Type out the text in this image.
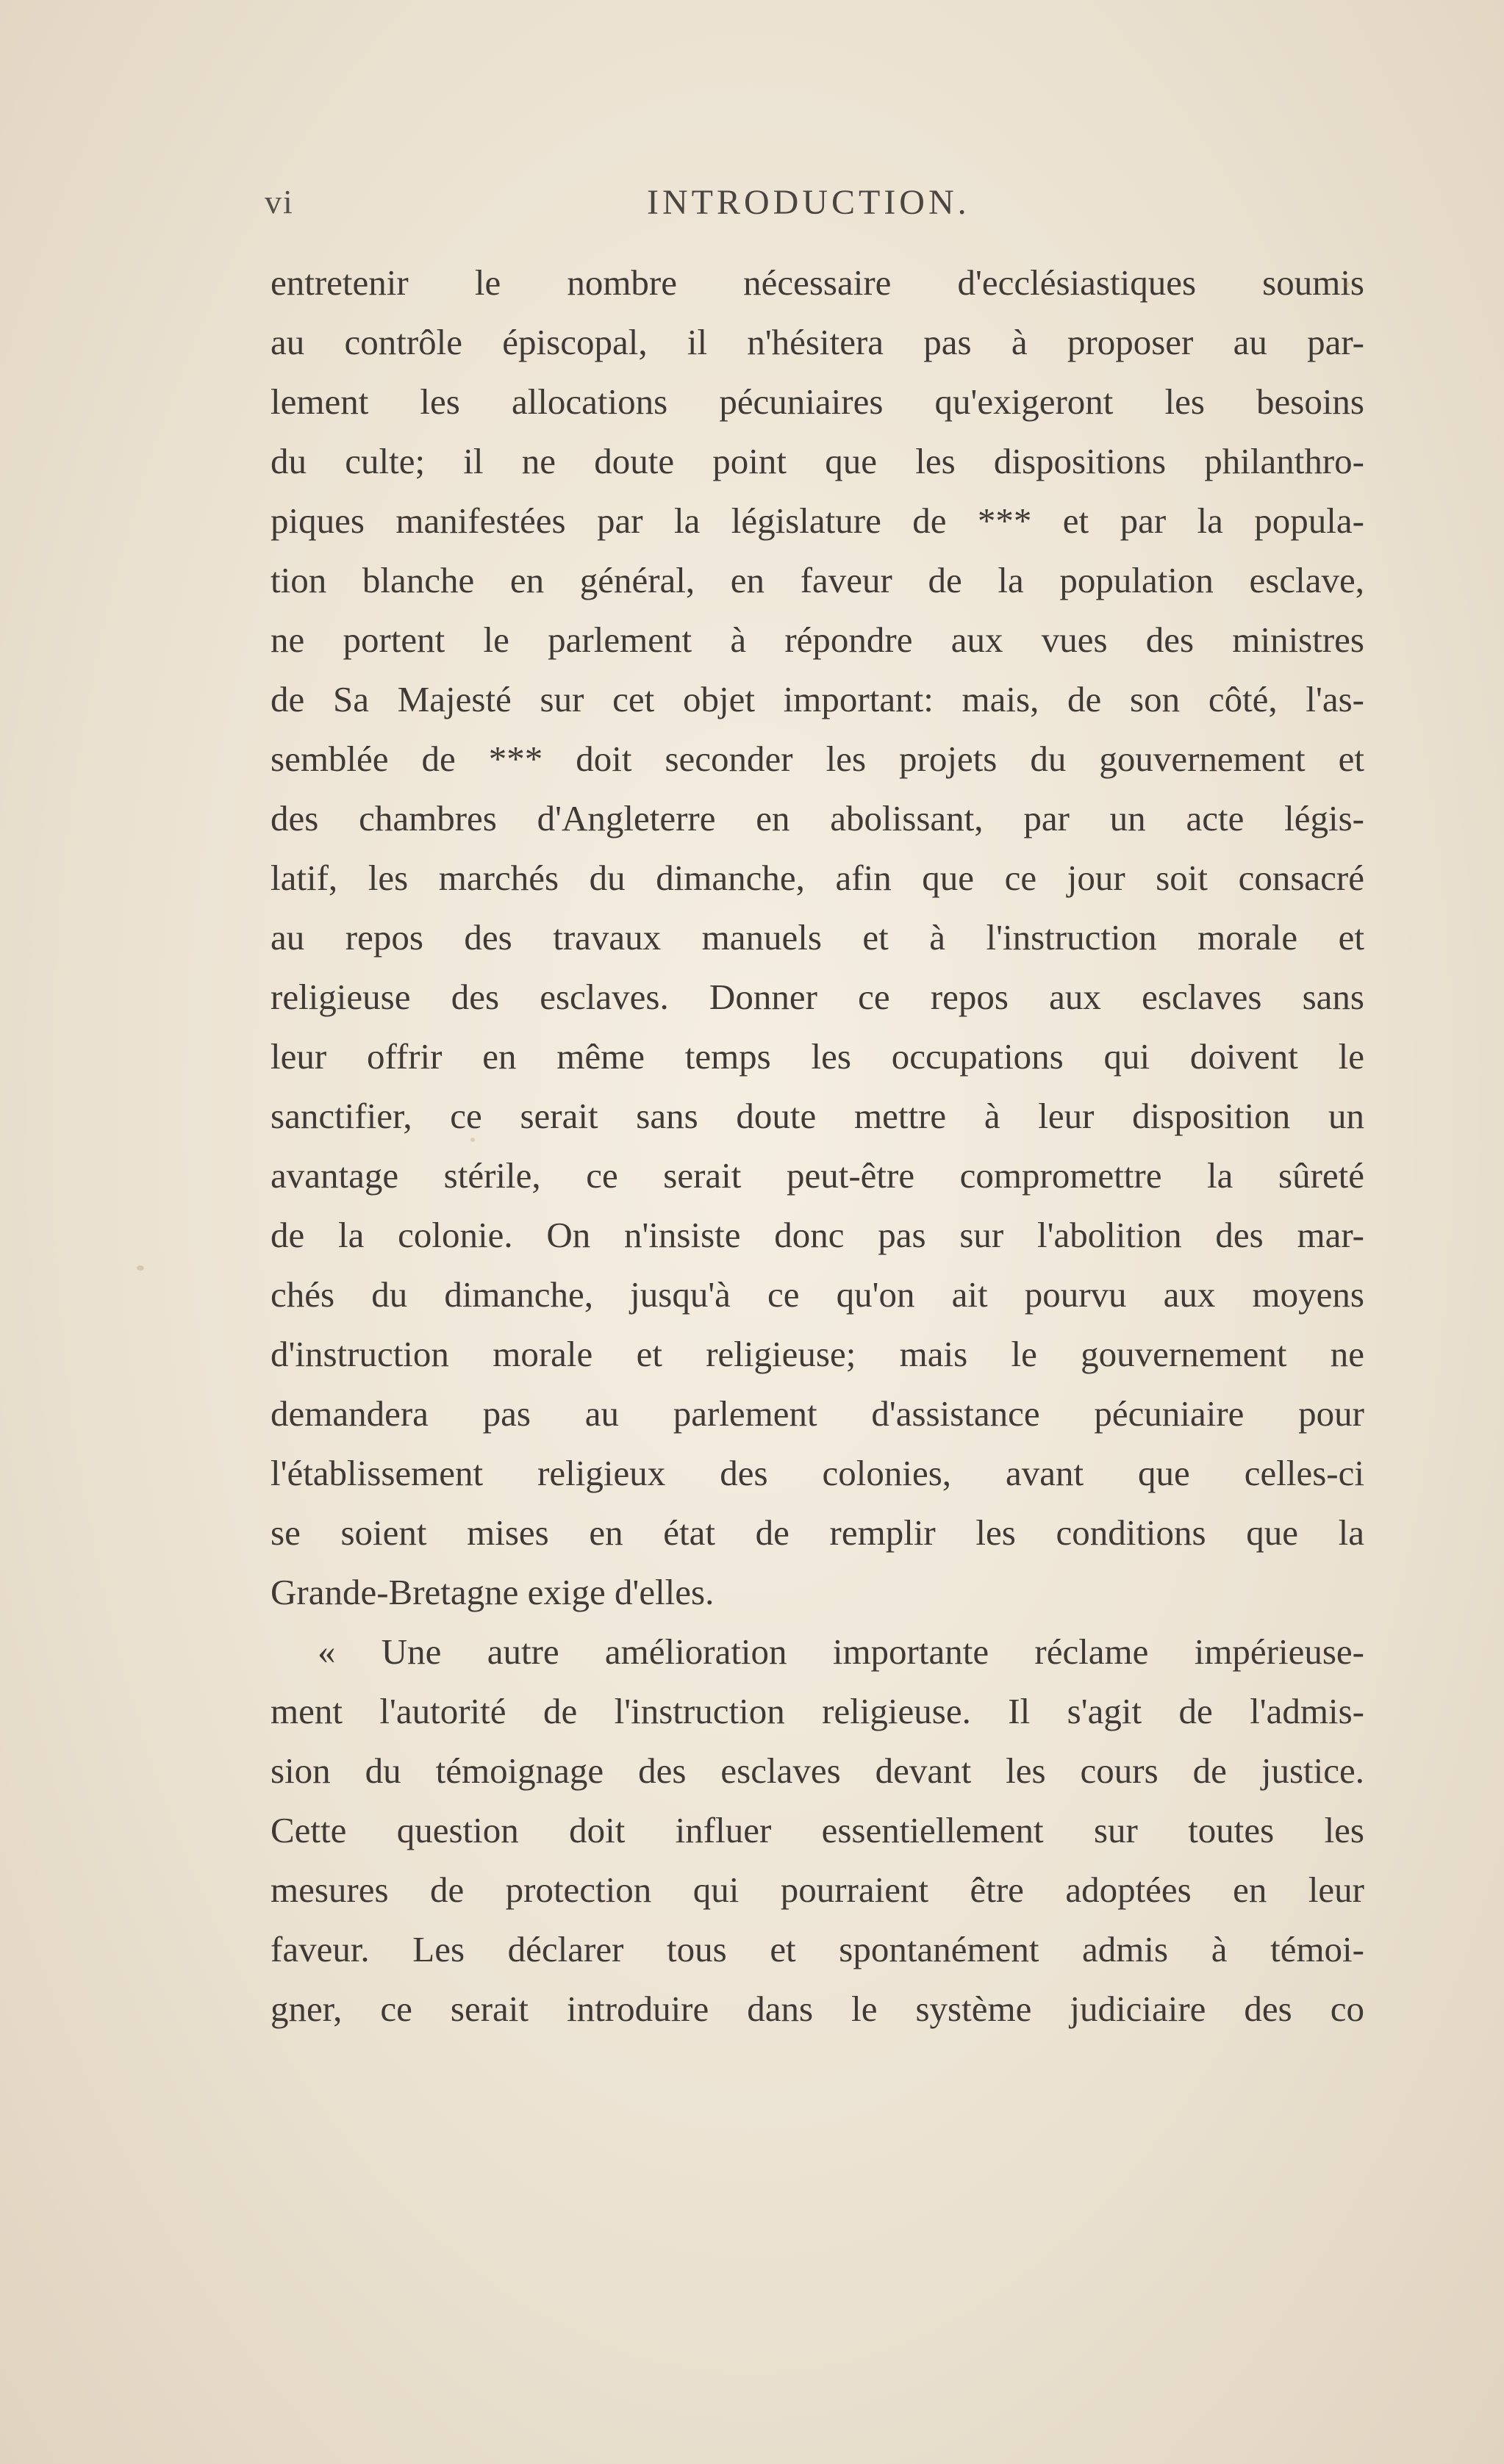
vi	INTRODUCTION.
entretenir le nombre nécessaire d'ecclésiastiques soumis
au contrôle épiscopal, il n'hésitera pas à proposer au par-
lement les allocations pécuniaires qu'exigeront les besoins
du culte; il ne doute point que les dispositions philanthro-
piques manifestées par la législature de *** et par la popula-
tion blanche en général, en faveur de la population esclave,
ne portent le parlement à répondre aux vues des ministres
de Sa Majesté sur cet objet important: mais, de son côté, l'as-
semblée de *** doit seconder les projets du gouvernement et
des chambres d'Angleterre en abolissant, par un acte légis-
latif, les marchés du dimanche, afin que ce jour soit consacré
au repos des travaux manuels et à l'instruction morale et
religieuse des esclaves. Donner ce repos aux esclaves sans
leur offrir en même temps les occupations qui doivent le
sanctifier, ce serait sans doute mettre à leur disposition un
avantage stérile, ce serait peut-être compromettre la sûreté
de la colonie. On n'insiste donc pas sur l'abolition des mar-
chés du dimanche, jusqu'à ce qu'on ait pourvu aux moyens
d'instruction morale et religieuse; mais le gouvernement ne
demandera pas au parlement d'assistance pécuniaire pour
l'établissement religieux des colonies, avant que celles-ci
se soient mises en état de remplir les conditions que la
Grande-Bretagne exige d'elles.
« Une autre amélioration importante réclame impérieuse-
ment l'autorité de l'instruction religieuse. Il s'agit de l'admis-
sion du témoignage des esclaves devant les cours de justice.
Cette question doit influer essentiellement sur toutes les
mesures de protection qui pourraient être adoptées en leur
faveur. Les déclarer tous et spontanément admis à témoi-
gner, ce serait introduire dans le système judiciaire des co
